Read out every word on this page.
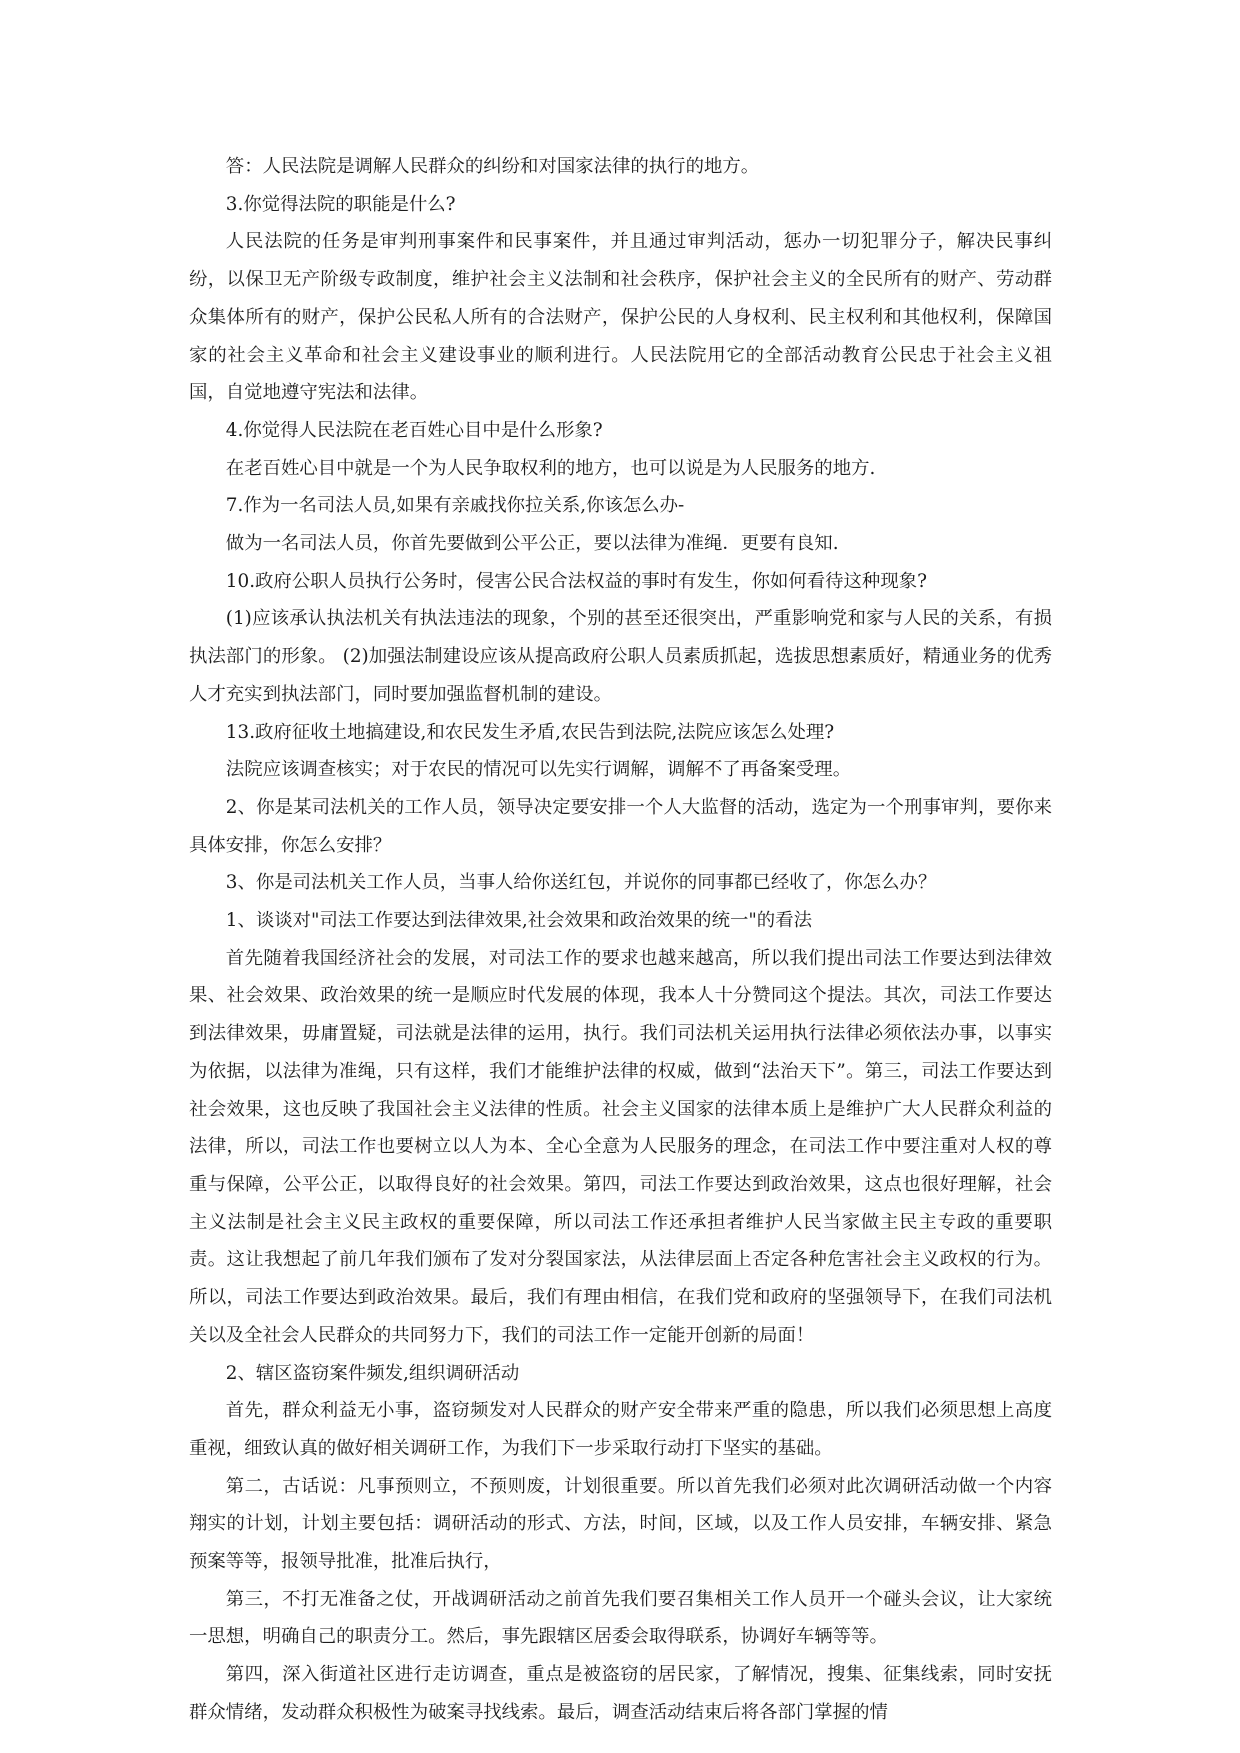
答：人民法院是调解人民群众的纠纷和对国家法律的执行的地方。

3.你觉得法院的职能是什么?

人民法院的任务是审判刑事案件和民事案件，并且通过审判活动，惩办一切犯罪分子，解决民事纠纷，以保卫无产阶级专政制度，维护社会主义法制和社会秩序，保护社会主义的全民所有的财产、劳动群众集体所有的财产，保护公民私人所有的合法财产，保护公民的人身权利、民主权利和其他权利，保障国家的社会主义革命和社会主义建设事业的顺利进行。人民法院用它的全部活动教育公民忠于社会主义祖国，自觉地遵守宪法和法律。

4.你觉得人民法院在老百姓心目中是什么形象?

在老百姓心目中就是一个为人民争取权利的地方，也可以说是为人民服务的地方.

7.作为一名司法人员,如果有亲戚找你拉关系,你该怎么办-

做为一名司法人员，你首先要做到公平公正，要以法律为准绳．更要有良知.

10.政府公职人员执行公务时，侵害公民合法权益的事时有发生，你如何看待这种现象?

(1)应该承认执法机关有执法违法的现象，个别的甚至还很突出，严重影响党和家与人民的关系，有损执法部门的形象。 (2)加强法制建设应该从提高政府公职人员素质抓起，选拔思想素质好，精通业务的优秀人才充实到执法部门，同时要加强监督机制的建设。

13.政府征收土地搞建设,和农民发生矛盾,农民告到法院,法院应该怎么处理?

法院应该调查核实；对于农民的情况可以先实行调解，调解不了再备案受理。

2、你是某司法机关的工作人员，领导决定要安排一个人大监督的活动，选定为一个刑事审判，要你来具体安排，你怎么安排？

3、你是司法机关工作人员，当事人给你送红包，并说你的同事都已经收了，你怎么办？

1、谈谈对"司法工作要达到法律效果,社会效果和政治效果的统一"的看法

首先随着我国经济社会的发展，对司法工作的要求也越来越高，所以我们提出司法工作要达到法律效果、社会效果、政治效果的统一是顺应时代发展的体现，我本人十分赞同这个提法。其次，司法工作要达到法律效果，毋庸置疑，司法就是法律的运用，执行。我们司法机关运用执行法律必须依法办事，以事实为依据，以法律为准绳，只有这样，我们才能维护法律的权威，做到“法治天下”。第三，司法工作要达到社会效果，这也反映了我国社会主义法律的性质。社会主义国家的法律本质上是维护广大人民群众利益的法律，所以，司法工作也要树立以人为本、全心全意为人民服务的理念，在司法工作中要注重对人权的尊重与保障，公平公正，以取得良好的社会效果。第四，司法工作要达到政治效果，这点也很好理解，社会主义法制是社会主义民主政权的重要保障，所以司法工作还承担者维护人民当家做主民主专政的重要职责。这让我想起了前几年我们颁布了发对分裂国家法，从法律层面上否定各种危害社会主义政权的行为。所以，司法工作要达到政治效果。最后，我们有理由相信，在我们党和政府的坚强领导下，在我们司法机关以及全社会人民群众的共同努力下，我们的司法工作一定能开创新的局面！

2、辖区盗窃案件频发,组织调研活动

首先，群众利益无小事，盗窃频发对人民群众的财产安全带来严重的隐患，所以我们必须思想上高度重视，细致认真的做好相关调研工作，为我们下一步采取行动打下坚实的基础。

第二，古话说：凡事预则立，不预则废，计划很重要。所以首先我们必须对此次调研活动做一个内容翔实的计划，计划主要包括：调研活动的形式、方法，时间，区域，以及工作人员安排，车辆安排、紧急预案等等，报领导批准，批准后执行，

第三，不打无准备之仗，开战调研活动之前首先我们要召集相关工作人员开一个碰头会议，让大家统一思想，明确自己的职责分工。然后，事先跟辖区居委会取得联系，协调好车辆等等。

第四，深入街道社区进行走访调查，重点是被盗窃的居民家，了解情况，搜集、征集线索，同时安抚群众情绪，发动群众积极性为破案寻找线索。最后，调查活动结束后将各部门掌握的情
